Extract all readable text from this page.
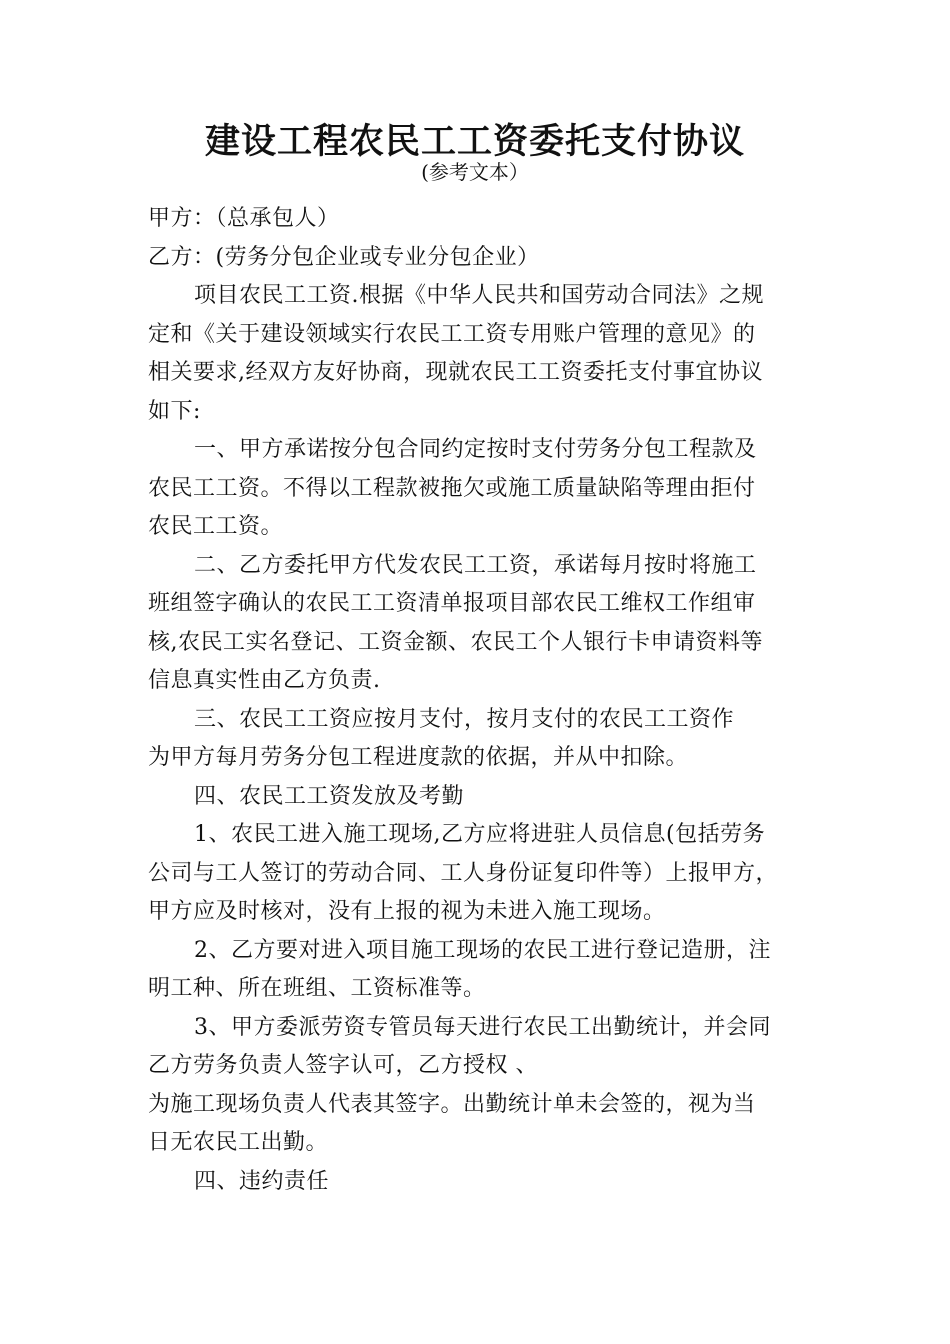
建设工程农民工工资委托支付协议
(参考文本）
甲方：（总承包人）
乙方：(劳务分包企业或专业分包企业）
项目农民工工资.根据《中华人民共和国劳动合同法》之规
定和《关于建设领域实行农民工工资专用账户管理的意见》的
相关要求,经双方友好协商，现就农民工工资委托支付事宜协议
如下:
一、甲方承诺按分包合同约定按时支付劳务分包工程款及
农民工工资。不得以工程款被拖欠或施工质量缺陷等理由拒付
农民工工资。
二、乙方委托甲方代发农民工工资，承诺每月按时将施工
班组签字确认的农民工工资清单报项目部农民工维权工作组审
核,农民工实名登记、工资金额、农民工个人银行卡申请资料等
信息真实性由乙方负责.
三、农民工工资应按月支付，按月支付的农民工工资作
为甲方每月劳务分包工程进度款的依据，并从中扣除。
四、农民工工资发放及考勤
1、农民工进入施工现场,乙方应将进驻人员信息(包括劳务
公司与工人签订的劳动合同、工人身份证复印件等）上报甲方，
甲方应及时核对，没有上报的视为未进入施工现场。
2、乙方要对进入项目施工现场的农民工进行登记造册，注
明工种、所在班组、工资标准等。
3、甲方委派劳资专管员每天进行农民工出勤统计，并会同
乙方劳务负责人签字认可，乙方授权 、
为施工现场负责人代表其签字。出勤统计单未会签的，视为当
日无农民工出勤。
四、违约责任
